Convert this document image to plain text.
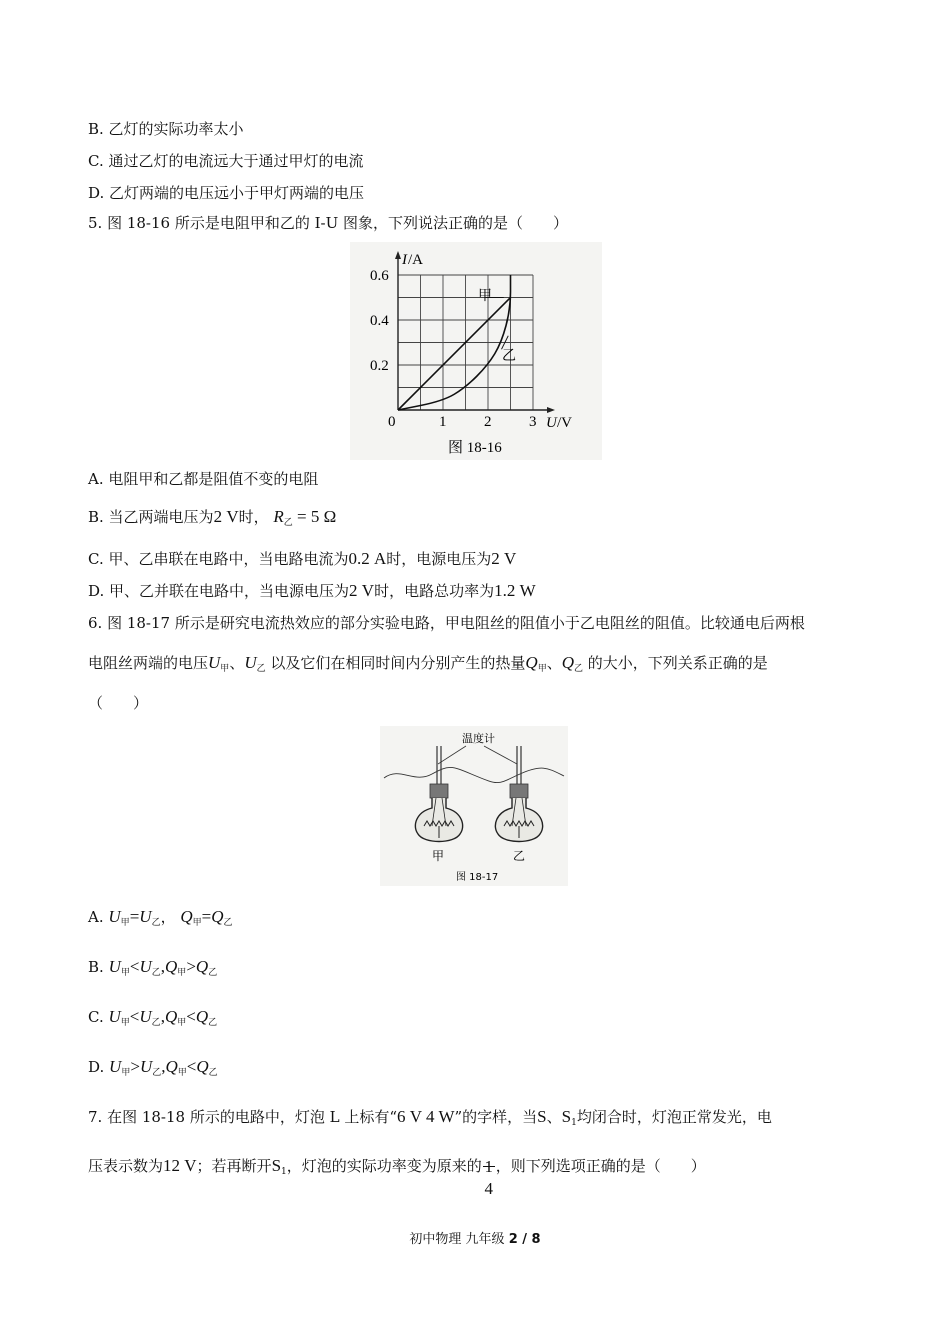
B. 乙灯的实际功率太小
C. 通过乙灯的电流远大于通过甲灯的电流
D. 乙灯两端的电压远小于甲灯两端的电压
5. 图 18-16 所示是电阻甲和乙的 I-U 图象，下列说法正确的是（　　）
0.6
0.4
0.2
1	2	3
I /A
U /V
0
甲
乙
图 18-16
A. 电阻甲和乙都是阻值不变的电阻
B. 当乙两端电压为2 V时， $R_乙 = 5$ Ω
C. 甲、乙串联在电路中，当电路电流为0.2 A时，电源电压为2 V
D. 甲、乙并联在电路中，当电源电压为2 V时，电路总功率为1.2 W
6. 图 18-17 所示是研究电流热效应的部分实验电路，甲电阻丝的阻值小于乙电阻丝的阻值。比较通电后两根
电阻丝两端的电压$U_甲$、$U_乙$ 以及它们在相同时间内分别产生的热量$Q_甲$、$Q_乙$ 的大小，下列关系正确的是
（　　）
温度计
甲	乙
图 18-17
A. $U_甲=U_乙$， $Q_甲=Q_乙$
B. $U_甲<U_乙,Q_甲>Q_乙$
C. $U_甲<U_乙,Q_甲<Q_乙$
D. $U_甲>U_乙,Q_甲<Q_乙$
7. 在图 18-18 所示的电路中，灯泡 L 上标有“6 V 4 W”的字样，当S、$S_1$均闭合时，灯泡正常发光，电
压表示数为12 V；若再断开$S_1$，灯泡的实际功率变为原来的 1
4
，则下列选项正确的是（　　）
初中物理 九年级 2 / 8
